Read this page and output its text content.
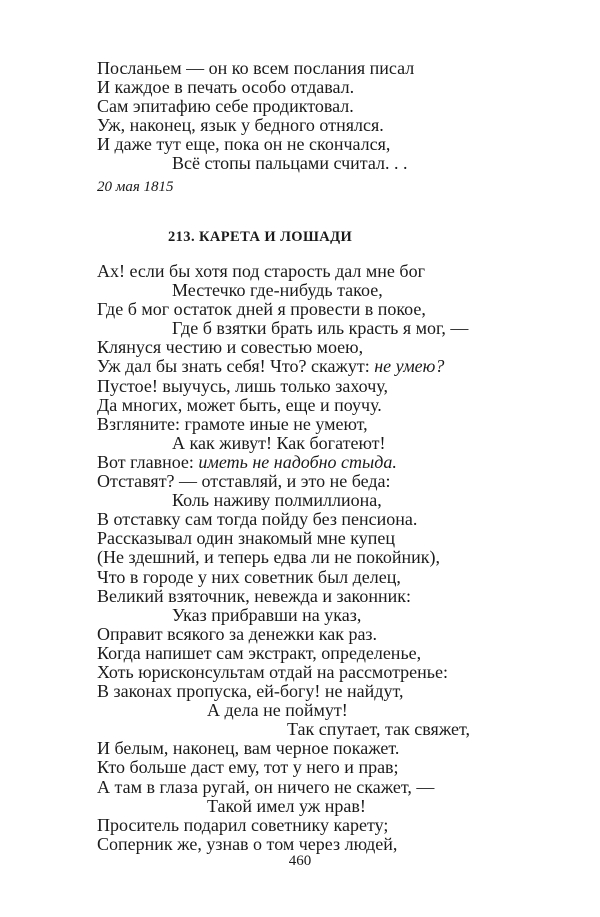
Посланьем — он ко всем послания писал
И каждое в печать особо отдавал.
Сам эпитафию себе продиктовал.
Уж, наконец, язык у бедного отнялся.
И даже тут еще, пока он не скончался,
Всё стопы пальцами считал. . .
20 мая 1815
213. КАРЕТА И ЛОШАДИ
Ах! если бы хотя под старость дал мне бог
Местечко где-нибудь такое,
Где б мог остаток дней я провести в покое,
Где б взятки брать иль красть я мог, —
Клянуся честию и совестью моею,
Уж дал бы знать себя! Что? скажут: не умею?
Пустое! выучусь, лишь только захочу,
Да многих, может быть, еще и поучу.
Взгляните: грамоте иные не умеют,
А как живут! Как богатеют!
Вот главное: иметь не надобно стыда.
Отставят? — отставляй, и это не беда:
Коль наживу полмиллиона,
В отставку сам тогда пойду без пенсиона.
Рассказывал один знакомый мне купец
(Не здешний, и теперь едва ли не покойник),
Что в городе у них советник был делец,
Великий взяточник, невежда и законник:
Указ прибравши на указ,
Оправит всякого за денежки как раз.
Когда напишет сам экстракт, определенье,
Хоть юрисконсультам отдай на рассмотренье:
В законах пропуска, ей-богу! не найдут,
А дела не поймут!
Так спутает, так свяжет,
И белым, наконец, вам черное покажет.
Кто больше даст ему, тот у него и прав;
А там в глаза ругай, он ничего не скажет, —
Такой имел уж нрав!
Проситель подарил советнику карету;
Соперник же, узнав о том через людей,
460
